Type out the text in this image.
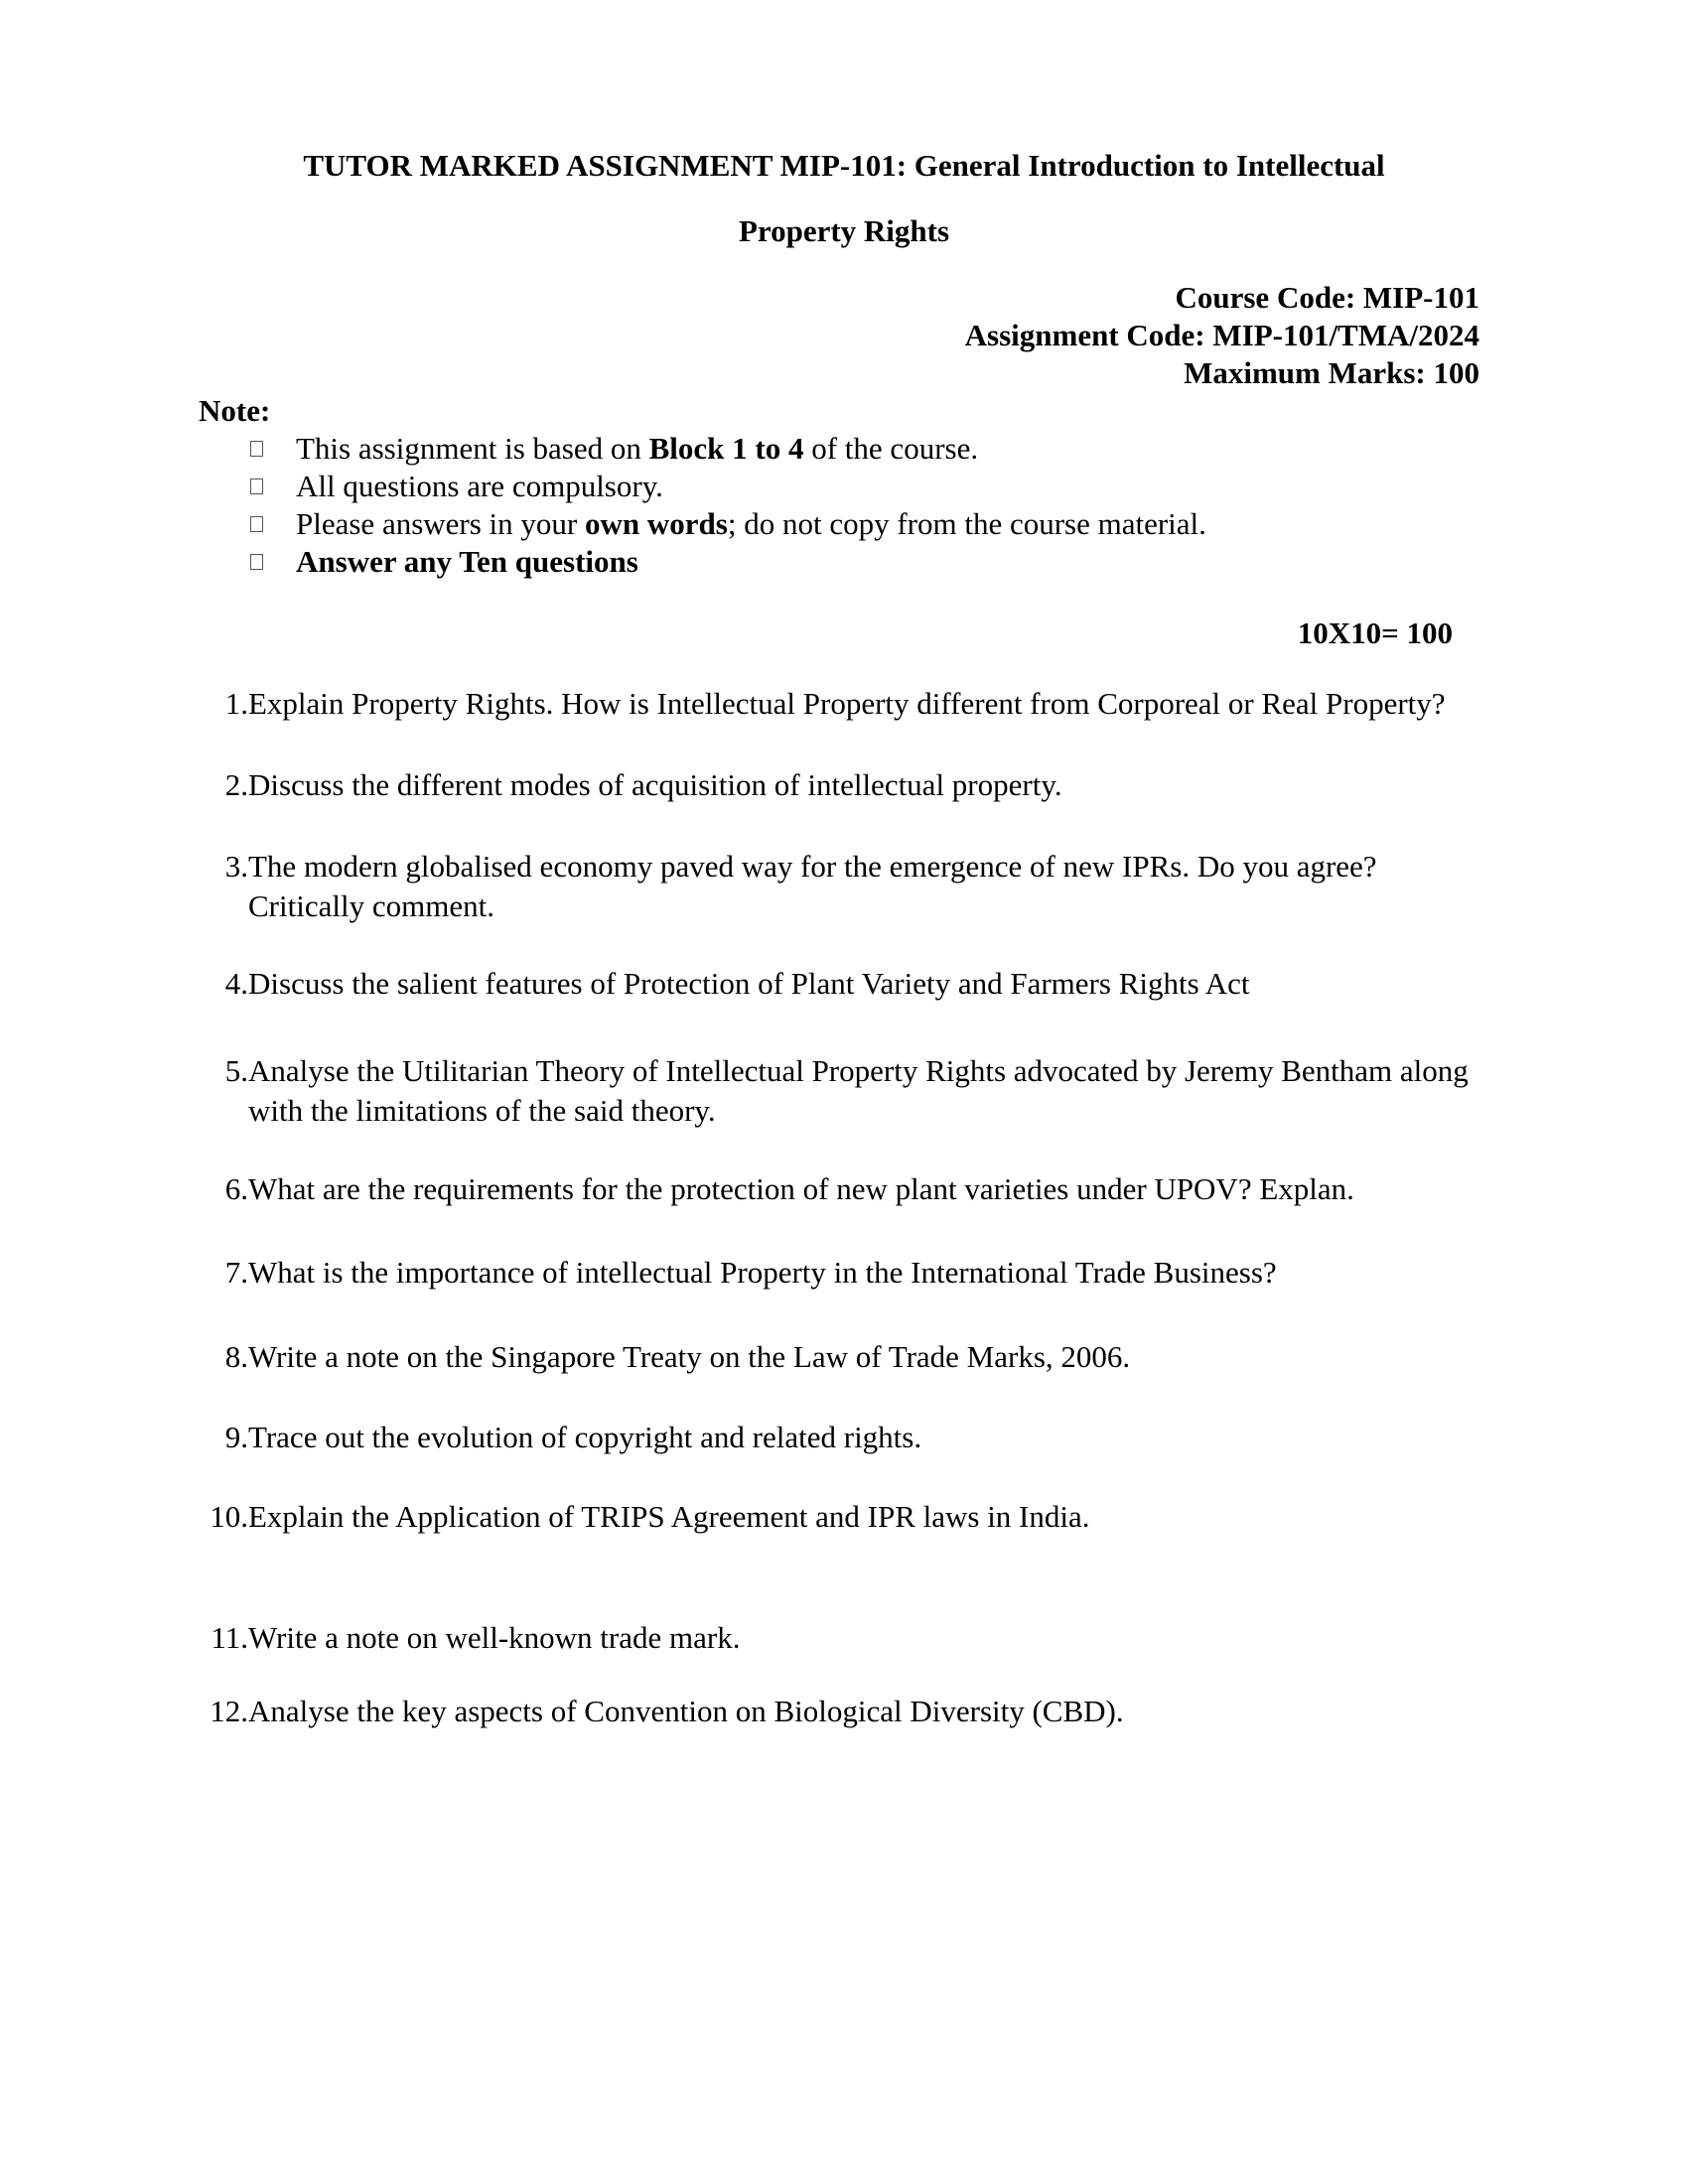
TUTOR MARKED ASSIGNMENT MIP-101: General Introduction to Intellectual
Property Rights
Course Code: MIP-101
Assignment Code: MIP-101/TMA/2024
Maximum Marks: 100
Note:
This assignment is based on Block 1 to 4 of the course.
All questions are compulsory.
Please answers in your own words; do not copy from the course material.
Answer any Ten questions
10X10= 100
1. Explain Property Rights. How is Intellectual Property different from Corporeal or Real Property?
2. Discuss the different modes of acquisition of intellectual property.
3. The modern globalised economy paved way for the emergence of new IPRs. Do you agree? Critically comment.
4. Discuss the salient features of Protection of Plant Variety and Farmers Rights Act
5. Analyse the Utilitarian Theory of Intellectual Property Rights advocated by Jeremy Bentham along with the limitations of the said theory.
6. What are the requirements for the protection of new plant varieties under UPOV? Explan.
7. What is the importance of intellectual Property in the International Trade Business?
8. Write a note on the Singapore Treaty on the Law of Trade Marks, 2006.
9. Trace out the evolution of copyright and related rights.
10. Explain the Application of TRIPS Agreement and IPR laws in India.
11. Write a note on well-known trade mark.
12. Analyse the key aspects of Convention on Biological Diversity (CBD).
